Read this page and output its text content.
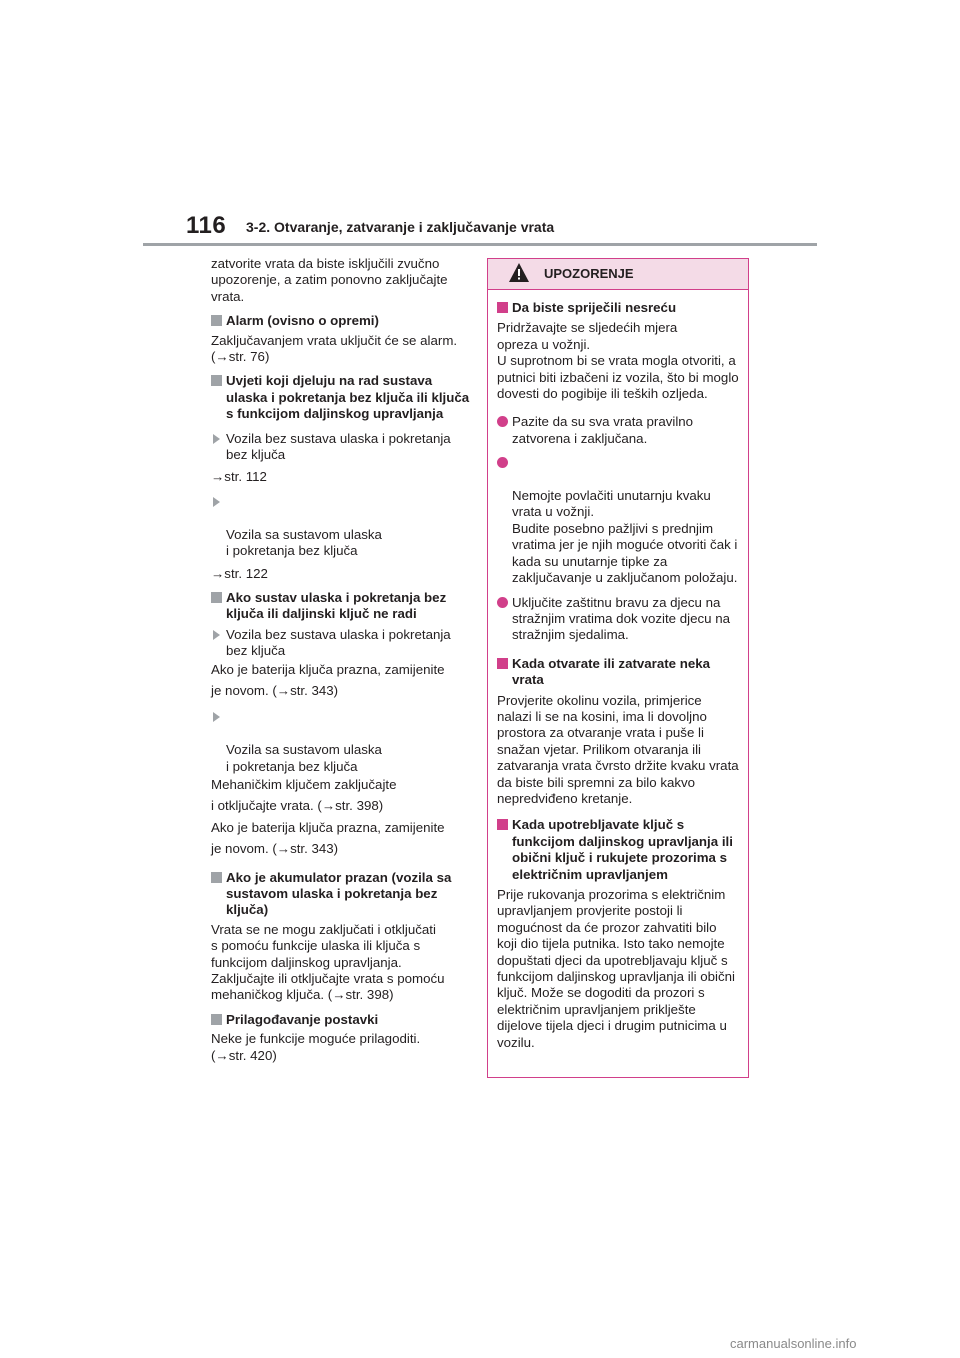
116 3-2. Otvaranje, zatvaranje i zaključavanje vrata

zatvorite vrata da biste isključili zvučno upozorenje, a zatim ponovno zaključajte vrata.

Alarm (ovisno o opremi)

Zaključavanjem vrata uključit će se alarm. (→str. 76)

Uvjeti koji djeluju na rad sustava ulaska i pokretanja bez ključa ili ključa s funkcijom daljinskog upravljanja
Vozila bez sustava ulaska i pokretanja bez ključa

→str. 112

Vozila sa sustavom ulaska
i pokretanja bez ključa

→str. 122

Ako sustav ulaska i pokretanja bez ključa ili daljinski ključ ne radi
Vozila bez sustava ulaska i pokretanja bez ključa

Ako je baterija ključa prazna, zamijenite

je novom. (→str. 343)

Vozila sa sustavom ulaska
i pokretanja bez ključa

Mehaničkim ključem zaključajte

i otključajte vrata. (→str. 398)

Ako je baterija ključa prazna, zamijenite

je novom. (→str. 343)

Ako je akumulator prazan (vozila sa sustavom ulaska i pokretanja bez ključa)

Vrata se ne mogu zaključati i otključati
s pomoću funkcije ulaska ili ključa s funkcijom daljinskog upravljanja.
Zaključajte ili otključajte vrata s pomoću mehaničkog ključa. (→str. 398)

Prilagođavanje postavki

Neke je funkcije moguće prilagoditi.
(→str. 420)

UPOZORENJE
Da biste spriječili nesreću

Pridržavajte se sljedećih mjera
opreza u vožnji.
U suprotnom bi se vrata mogla otvoriti, a putnici biti izbačeni iz vozila, što bi moglo dovesti do pogibije ili teških ozljeda.

Pazite da su sva vrata pravilno zatvorena i zaključana.

Nemojte povlačiti unutarnju kvaku vrata u vožnji.
Budite posebno pažljivi s prednjim vratima jer je njih moguće otvoriti čak i kada su unutarnje tipke za zaključavanje u zaključanom položaju.

Uključite zaštitnu bravu za djecu na stražnjim vratima dok vozite djecu na stražnjim sjedalima.
Kada otvarate ili zatvarate neka vrata

Provjerite okolinu vozila, primjerice nalazi li se na kosini, ima li dovoljno prostora za otvaranje vrata i puše li snažan vjetar. Prilikom otvaranja ili zatvaranja vrata čvrsto držite kvaku vrata da biste bili spremni za bilo kakvo nepredviđeno kretanje.

Kada upotrebljavate ključ s funkcijom daljinskog upravljanja ili obični ključ i rukujete prozorima s električnim upravljanjem

Prije rukovanja prozorima s električnim upravljanjem provjerite postoji li mogućnost da će prozor zahvatiti bilo koji dio tijela putnika. Isto tako nemojte dopuštati djeci da upotrebljavaju ključ s funkcijom daljinskog upravljanja ili obični ključ. Može se dogoditi da prozori s električnim upravljanjem priklješte dijelove tijela djeci i drugim putnicima u vozilu.

carmanualsonline.info
